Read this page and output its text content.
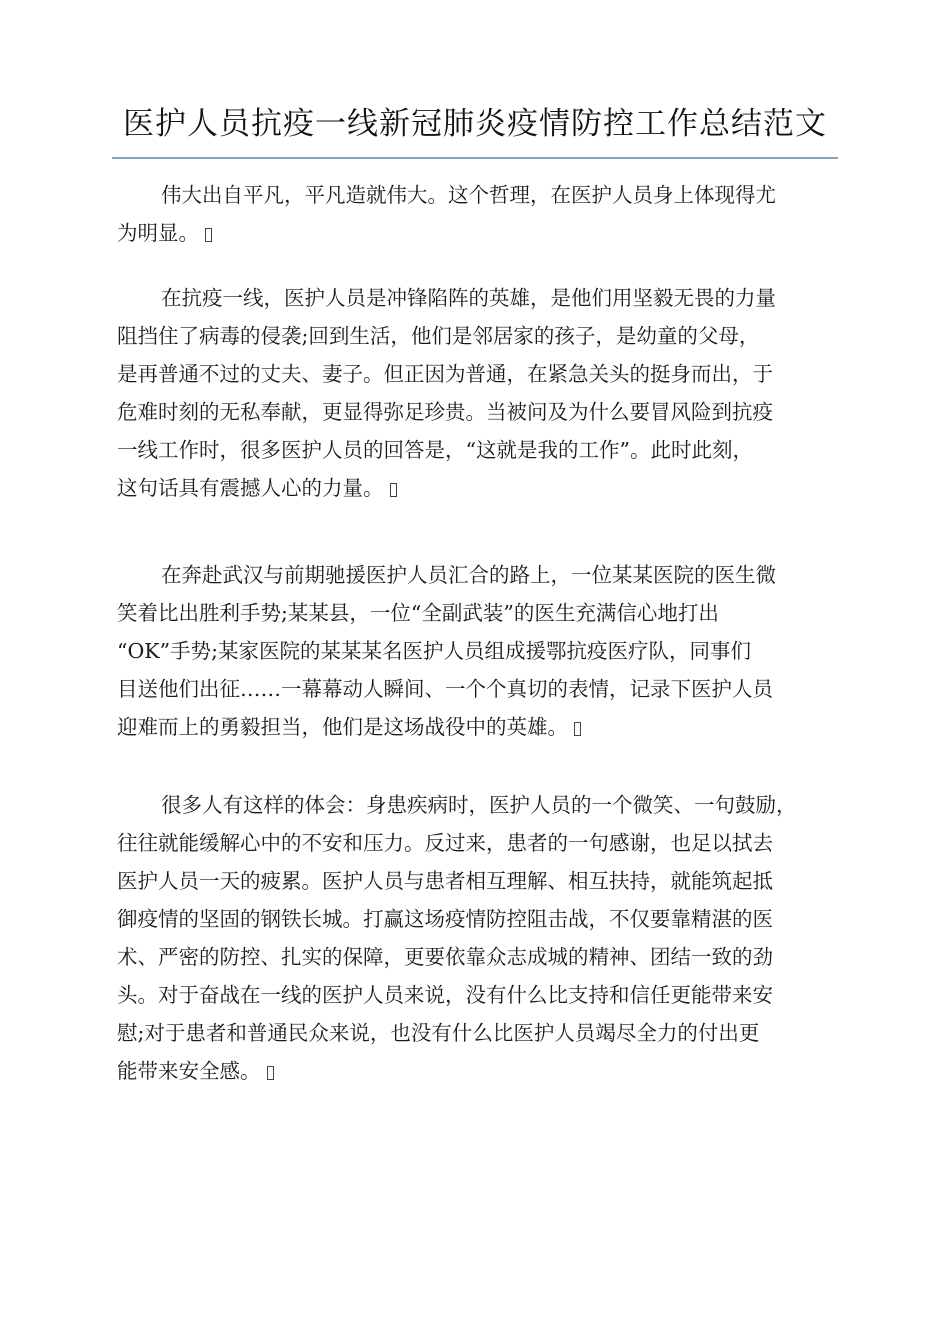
医护人员抗疫一线新冠肺炎疫情防控工作总结范文

伟大出自平凡，平凡造就伟大。这个哲理，在医护人员身上体现得尤
为明显。

在抗疫一线，医护人员是冲锋陷阵的英雄，是他们用坚毅无畏的力量
阻挡住了病毒的侵袭;回到生活，他们是邻居家的孩子，是幼童的父母，
是再普通不过的丈夫、妻子。但正因为普通，在紧急关头的挺身而出，于
危难时刻的无私奉献，更显得弥足珍贵。当被问及为什么要冒风险到抗疫
一线工作时，很多医护人员的回答是，“这就是我的工作”。此时此刻，
这句话具有震撼人心的力量。

在奔赴武汉与前期驰援医护人员汇合的路上，一位某某医院的医生微
笑着比出胜利手势;某某县，一位“全副武装”的医生充满信心地打出
“OK”手势;某家医院的某某某名医护人员组成援鄂抗疫医疗队，同事们
目送他们出征……一幕幕动人瞬间、一个个真切的表情，记录下医护人员
迎难而上的勇毅担当，他们是这场战役中的英雄。

很多人有这样的体会：身患疾病时，医护人员的一个微笑、一句鼓励，
往往就能缓解心中的不安和压力。反过来，患者的一句感谢，也足以拭去
医护人员一天的疲累。医护人员与患者相互理解、相互扶持，就能筑起抵
御疫情的坚固的钢铁长城。打赢这场疫情防控阻击战，不仅要靠精湛的医
术、严密的防控、扎实的保障，更要依靠众志成城的精神、团结一致的劲
头。对于奋战在一线的医护人员来说，没有什么比支持和信任更能带来安
慰;对于患者和普通民众来说，也没有什么比医护人员竭尽全力的付出更
能带来安全感。
